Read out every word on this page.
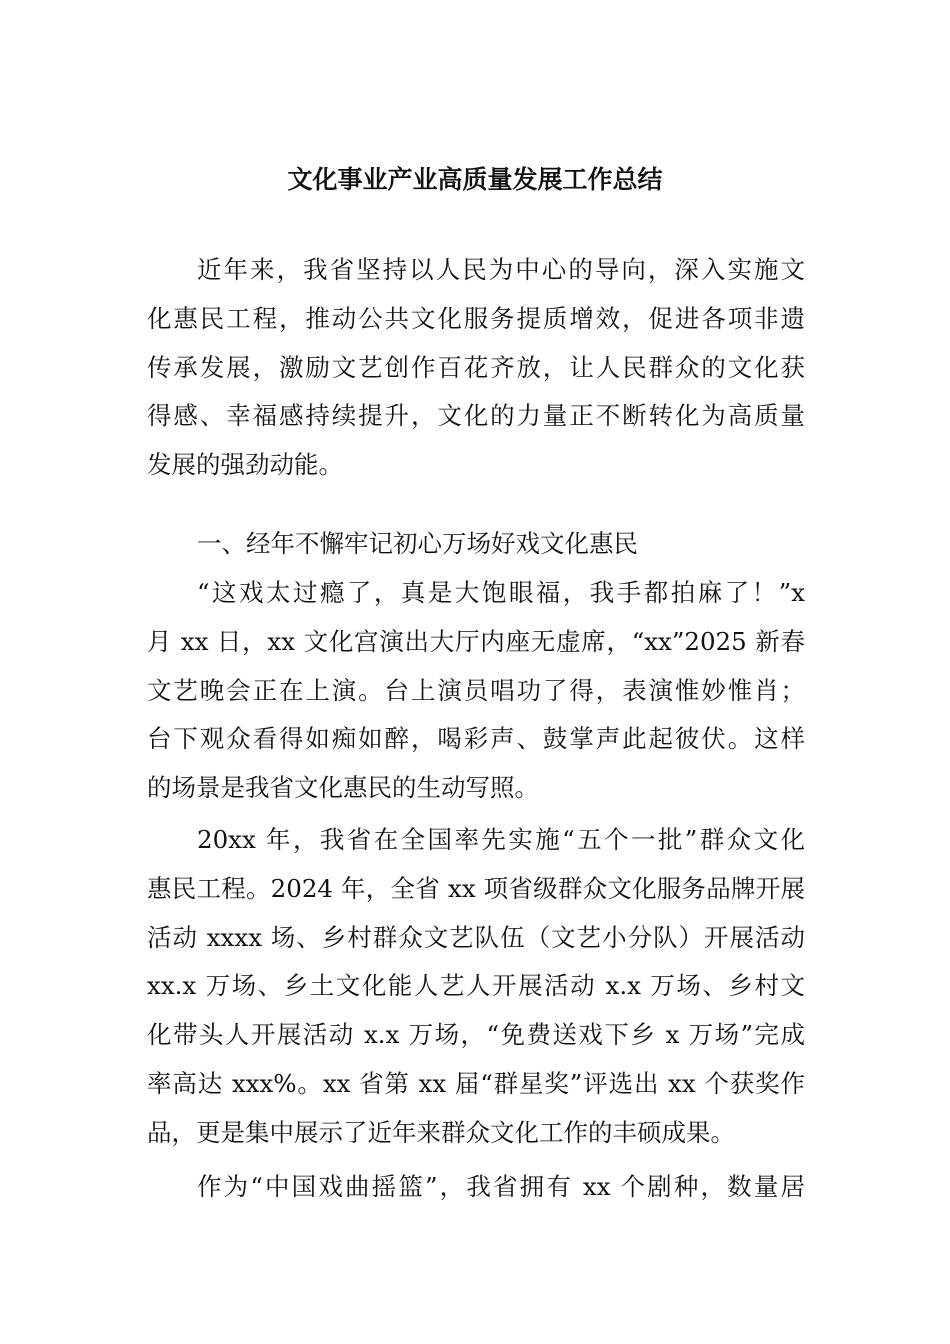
文化事业产业高质量发展工作总结
近年来，我省坚持以人民为中心的导向，深入实施文
化惠民工程，推动公共文化服务提质增效，促进各项非遗
传承发展，激励文艺创作百花齐放，让人民群众的文化获
得感、幸福感持续提升，文化的力量正不断转化为高质量
发展的强劲动能。
一、经年不懈牢记初心万场好戏文化惠民
“这戏太过瘾了，真是大饱眼福，我手都拍麻了！”x
月 xx 日，xx 文化宫演出大厅内座无虚席，“xx”2025 新春
文艺晚会正在上演。台上演员唱功了得，表演惟妙惟肖；
台下观众看得如痴如醉，喝彩声、鼓掌声此起彼伏。这样
的场景是我省文化惠民的生动写照。
20xx 年，我省在全国率先实施“五个一批”群众文化
惠民工程。2024 年，全省 xx 项省级群众文化服务品牌开展
活动 xxxx 场、乡村群众文艺队伍（文艺小分队）开展活动
xx.x 万场、乡土文化能人艺人开展活动 x.x 万场、乡村文
化带头人开展活动 x.x 万场，“免费送戏下乡 x 万场”完成
率高达 xxx%。xx 省第 xx 届“群星奖”评选出 xx 个获奖作
品，更是集中展示了近年来群众文化工作的丰硕成果。
作为“中国戏曲摇篮”，我省拥有 xx 个剧种，数量居
